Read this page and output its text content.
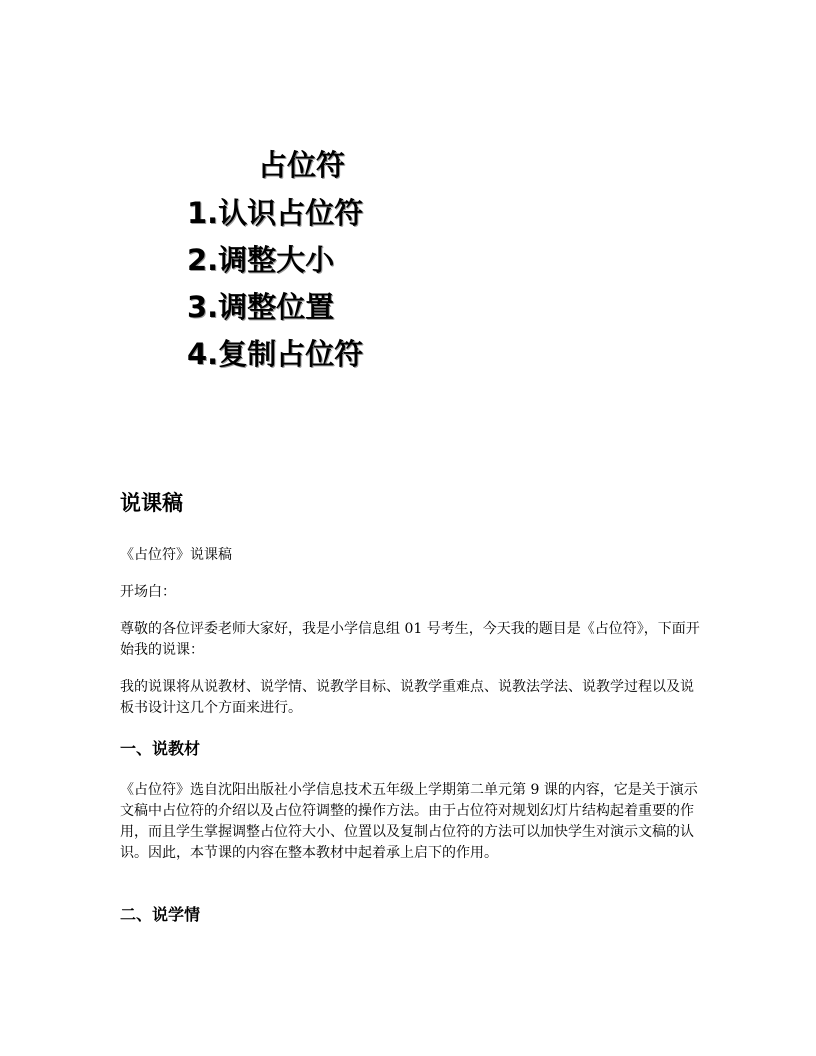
占位符
1.认识占位符
2.调整大小
3.调整位置
4.复制占位符
说课稿

《占位符》说课稿

开场白：

尊敬的各位评委老师大家好，我是小学信息组 01 号考生，今天我的题目是《占位符》，下面开始我的说课：

我的说课将从说教材、说学情、说教学目标、说教学重难点、说教法学法、说教学过程以及说板书设计这几个方面来进行。

一、说教材

《占位符》选自沈阳出版社小学信息技术五年级上学期第二单元第 9 课的内容，它是关于演示文稿中占位符的介绍以及占位符调整的操作方法。由于占位符对规划幻灯片结构起着重要的作用，而且学生掌握调整占位符大小、位置以及复制占位符的方法可以加快学生对演示文稿的认识。因此，本节课的内容在整本教材中起着承上启下的作用。

二、说学情
